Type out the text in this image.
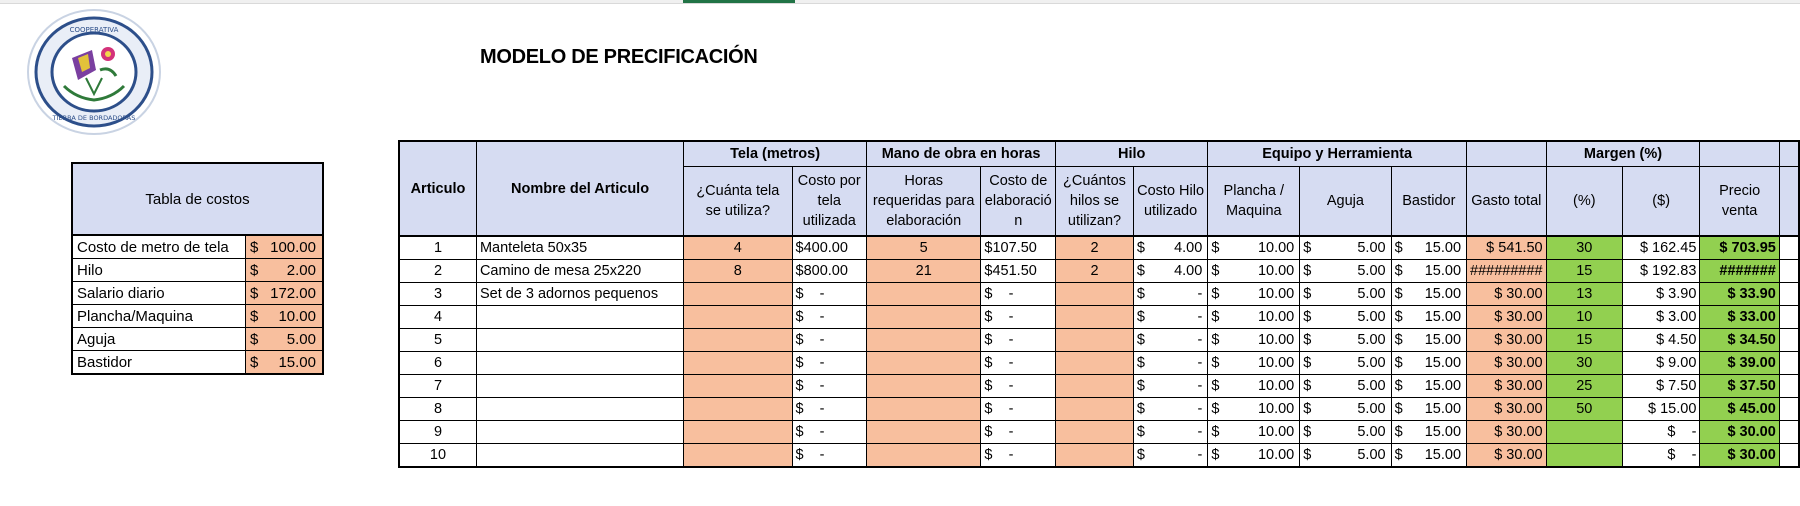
COOPERATIVA
TIERRA DE BORDADORAS
MODELO DE PRECIFICACIÓN
Tabla de costos	
Costo de metro de tela	$ 100.00

Hilo	$ 2.00

Salario diario	$ 172.00

Plancha/Maquina	$ 10.00

Aguja	$ 5.00

Bastidor	$ 15.00
Articulo	Nombre del Articulo	Tela (metros)		Mano de obra en horas		Hilo		Equipo y Herramienta				Margen (%)			
		¿Cuánta tela se utiliza?	Costo por tela utilizada	Horas requeridas para elaboración	Costo de elaboración	¿Cuántos hilos se utilizan?	Costo Hilo utilizado	Plancha / Maquina	Aguja	Bastidor	Gasto total	(%)	($)	Precio venta	
1	Manteleta 50x35	4	$400.00	5	$107.50	2	$ 4.00	$ 10.00	$ 5.00	$ 15.00	$ 541.50	30	$ 162.45	$ 703.95	
2	Camino de mesa 25x220	8	$800.00	21	$451.50	2	$ 4.00	$ 10.00	$ 5.00	$ 15.00	#########	15	$ 192.83	#######	
3	Set de 3 adornos pequenos		$    -		$    -		$ -	$ 10.00	$ 5.00	$ 15.00	$ 30.00	13	$ 3.90	$ 33.90	
4			$    -		$    -		$ -	$ 10.00	$ 5.00	$ 15.00	$ 30.00	10	$ 3.00	$ 33.00	
5			$    -		$    -		$ -	$ 10.00	$ 5.00	$ 15.00	$ 30.00	15	$ 4.50	$ 34.50	
6			$    -		$    -		$ -	$ 10.00	$ 5.00	$ 15.00	$ 30.00	30	$ 9.00	$ 39.00	
7			$    -		$    -		$ -	$ 10.00	$ 5.00	$ 15.00	$ 30.00	25	$ 7.50	$ 37.50	
8			$    -		$    -		$ -	$ 10.00	$ 5.00	$ 15.00	$ 30.00	50	$ 15.00	$ 45.00	
9			$    -		$    -		$ -	$ 10.00	$ 5.00	$ 15.00	$ 30.00		$    -	$ 30.00	
10			$    -		$    -		$ -	$ 10.00	$ 5.00	$ 15.00	$ 30.00		$    -	$ 30.00	
